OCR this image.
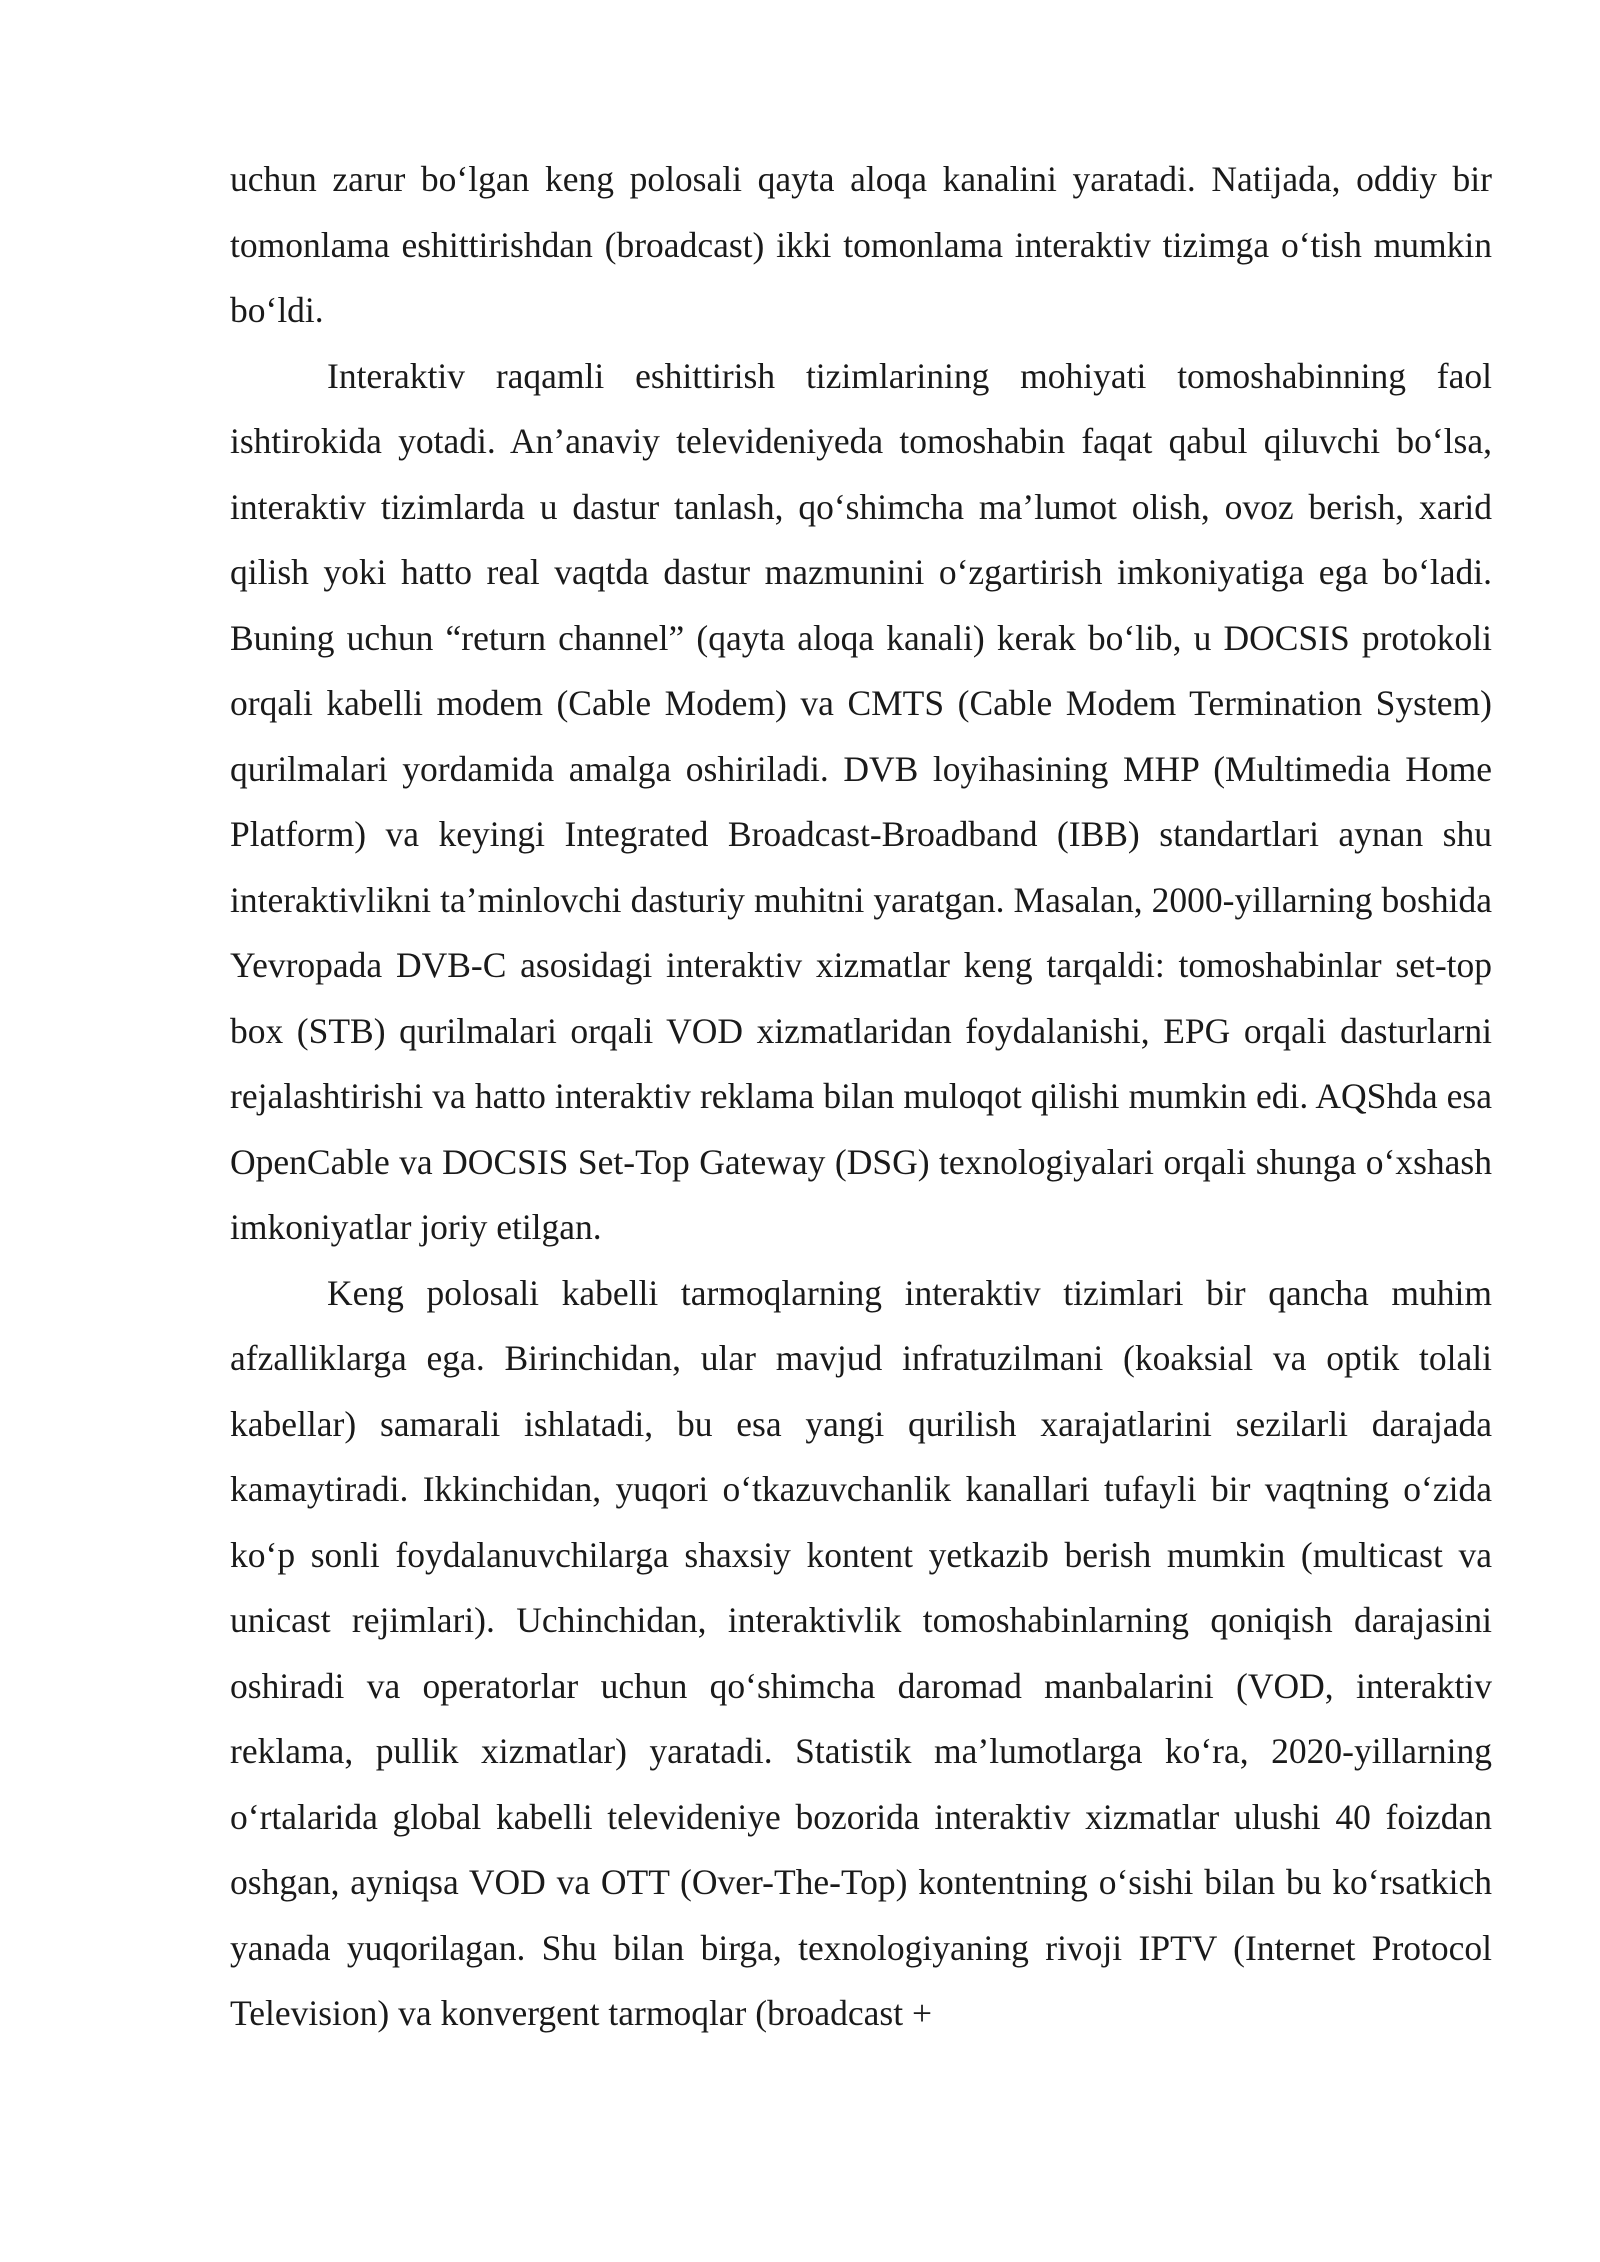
uchun zarur bo‘lgan keng polosali qayta aloqa kanalini yaratadi. Natijada, oddiy bir tomonlama eshittirishdan (broadcast) ikki tomonlama interaktiv tizimga o‘tish mumkin bo‘ldi.

Interaktiv raqamli eshittirish tizimlarining mohiyati tomoshabinning faol ishtirokida yotadi. An’anaviy televideniyeda tomoshabin faqat qabul qiluvchi bo‘lsa, interaktiv tizimlarda u dastur tanlash, qo‘shimcha ma’lumot olish, ovoz berish, xarid qilish yoki hatto real vaqtda dastur mazmunini o‘zgartirish imkoniyatiga ega bo‘ladi. Buning uchun “return channel” (qayta aloqa kanali) kerak bo‘lib, u DOCSIS protokoli orqali kabelli modem (Cable Modem) va CMTS (Cable Modem Termination System) qurilmalari yordamida amalga oshiriladi. DVB loyihasining MHP (Multimedia Home Platform) va keyingi Integrated Broadcast-Broadband (IBB) standartlari aynan shu interaktivlikni ta’minlovchi dasturiy muhitni yaratgan. Masalan, 2000-yillarning boshida Yevropada DVB-C asosidagi interaktiv xizmatlar keng tarqaldi: tomoshabinlar set-top box (STB) qurilmalari orqali VOD xizmatlaridan foydalanishi, EPG orqali dasturlarni rejalashtirishi va hatto interaktiv reklama bilan muloqot qilishi mumkin edi. AQShda esa OpenCable va DOCSIS Set-Top Gateway (DSG) texnologiyalari orqali shunga o‘xshash imkoniyatlar joriy etilgan.

Keng polosali kabelli tarmoqlarning interaktiv tizimlari bir qancha muhim afzalliklarga ega. Birinchidan, ular mavjud infratuzilmani (koaksial va optik tolali kabellar) samarali ishlatadi, bu esa yangi qurilish xarajatlarini sezilarli darajada kamaytiradi. Ikkinchidan, yuqori o‘tkazuvchanlik kanallari tufayli bir vaqtning o‘zida ko‘p sonli foydalanuvchilarga shaxsiy kontent yetkazib berish mumkin (multicast va unicast rejimlari). Uchinchidan, interaktivlik tomoshabinlarning qoniqish darajasini oshiradi va operatorlar uchun qo‘shimcha daromad manbalarini (VOD, interaktiv reklama, pullik xizmatlar) yaratadi. Statistik ma’lumotlarga ko‘ra, 2020-yillarning o‘rtalarida global kabelli televideniye bozorida interaktiv xizmatlar ulushi 40 foizdan oshgan, ayniqsa VOD va OTT (Over-The-Top) kontentning o‘sishi bilan bu ko‘rsatkich yanada yuqorilagan. Shu bilan birga, texnologiyaning rivoji IPTV (Internet Protocol Television) va konvergent tarmoqlar (broadcast +
